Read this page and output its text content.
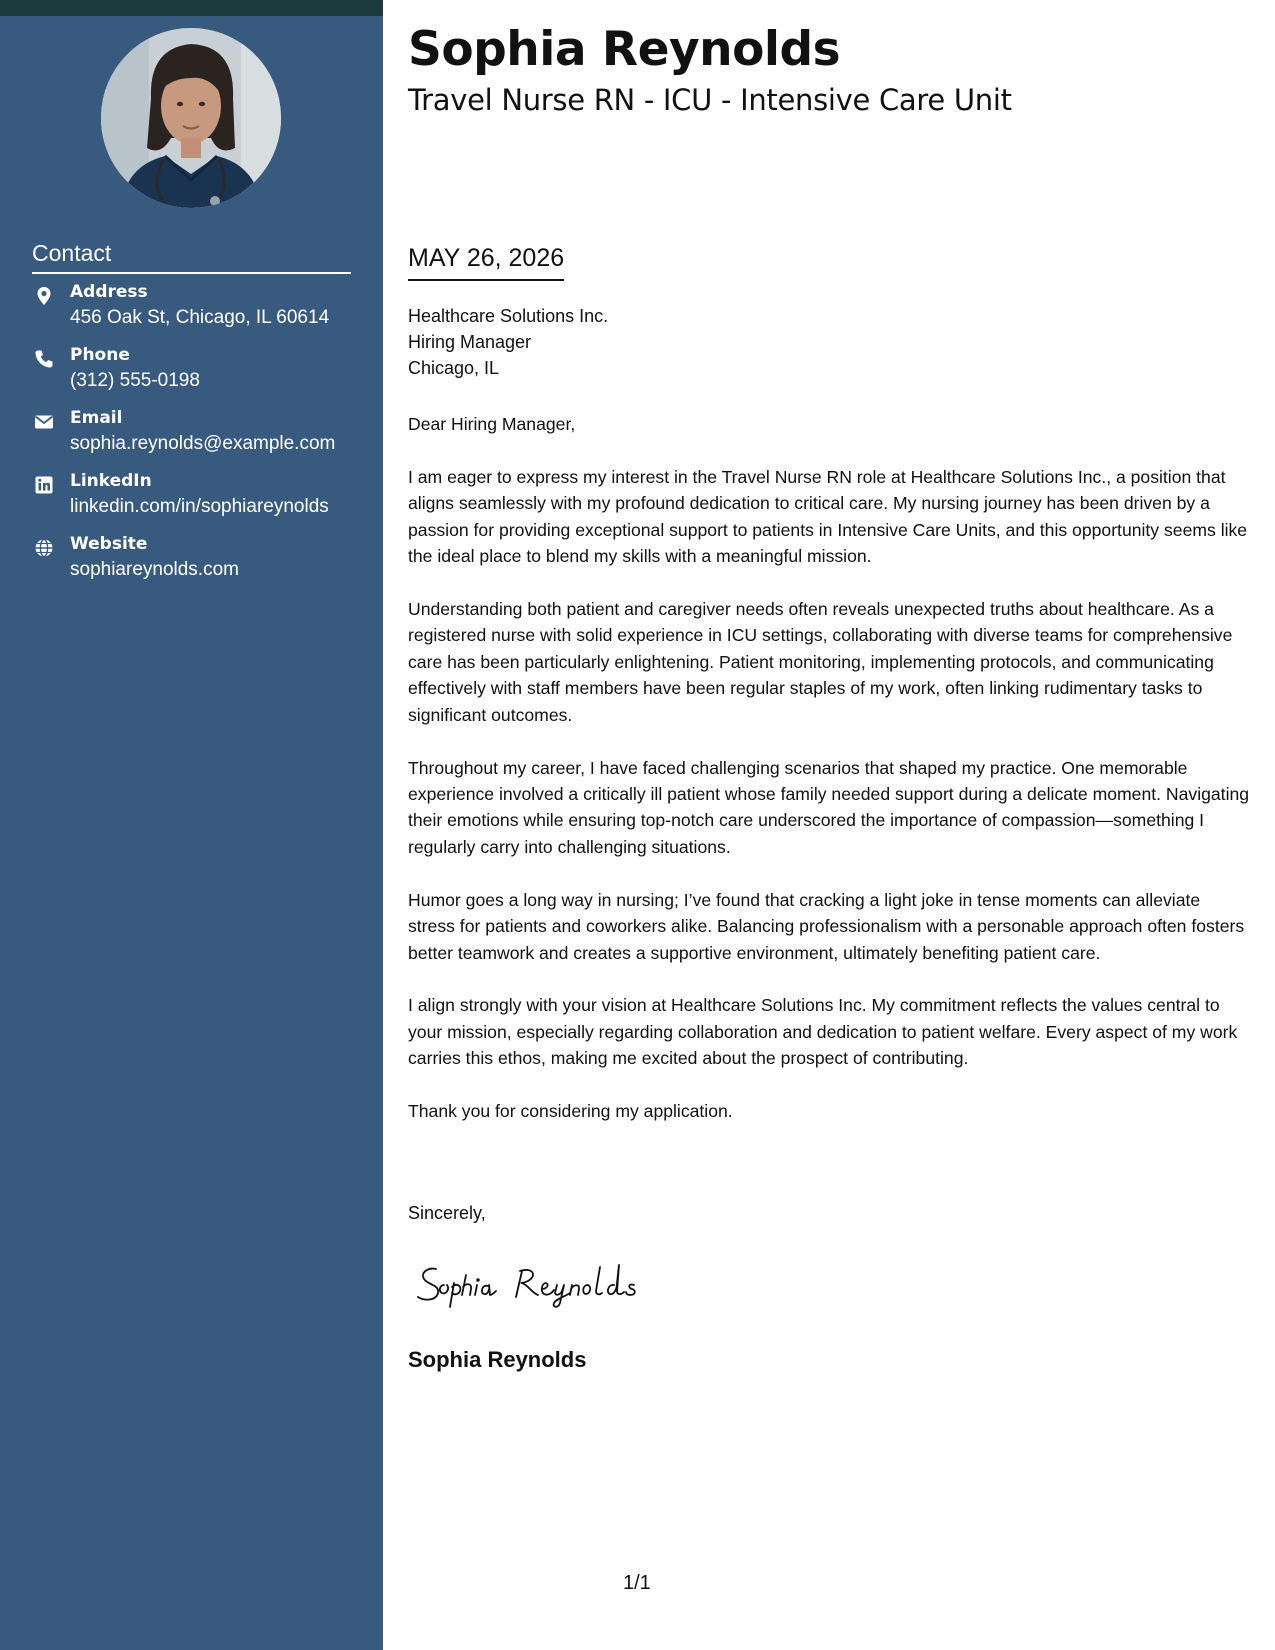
Contact
Address
456 Oak St, Chicago, IL 60614
Phone
(312) 555-0198
Email
sophia.reynolds@example.com
LinkedIn
linkedin.com/in/sophiareynolds
Website
sophiareynolds.com
Sophia Reynolds
Travel Nurse RN - ICU - Intensive Care Unit
MAY 26, 2026
Healthcare Solutions Inc.
Hiring Manager
Chicago, IL

Dear Hiring Manager,

I am eager to express my interest in the Travel Nurse RN role at Healthcare Solutions Inc., a position that aligns seamlessly with my profound dedication to critical care. My nursing journey has been driven by a passion for providing exceptional support to patients in Intensive Care Units, and this opportunity seems like the ideal place to blend my skills with a meaningful mission.

Understanding both patient and caregiver needs often reveals unexpected truths about healthcare. As a registered nurse with solid experience in ICU settings, collaborating with diverse teams for comprehensive care has been particularly enlightening. Patient monitoring, implementing protocols, and communicating effectively with staff members have been regular staples of my work, often linking rudimentary tasks to significant outcomes.

Throughout my career, I have faced challenging scenarios that shaped my practice. One memorable experience involved a critically ill patient whose family needed support during a delicate moment. Navigating their emotions while ensuring top-notch care underscored the importance of compassion—something I regularly carry into challenging situations.

Humor goes a long way in nursing; I’ve found that cracking a light joke in tense moments can alleviate stress for patients and coworkers alike. Balancing professionalism with a personable approach often fosters better teamwork and creates a supportive environment, ultimately benefiting patient care.

I align strongly with your vision at Healthcare Solutions Inc. My commitment reflects the values central to your mission, especially regarding collaboration and dedication to patient welfare. Every aspect of my work carries this ethos, making me excited about the prospect of contributing.

Thank you for considering my application.

Sincerely,
Sophia Reynolds
1/1
